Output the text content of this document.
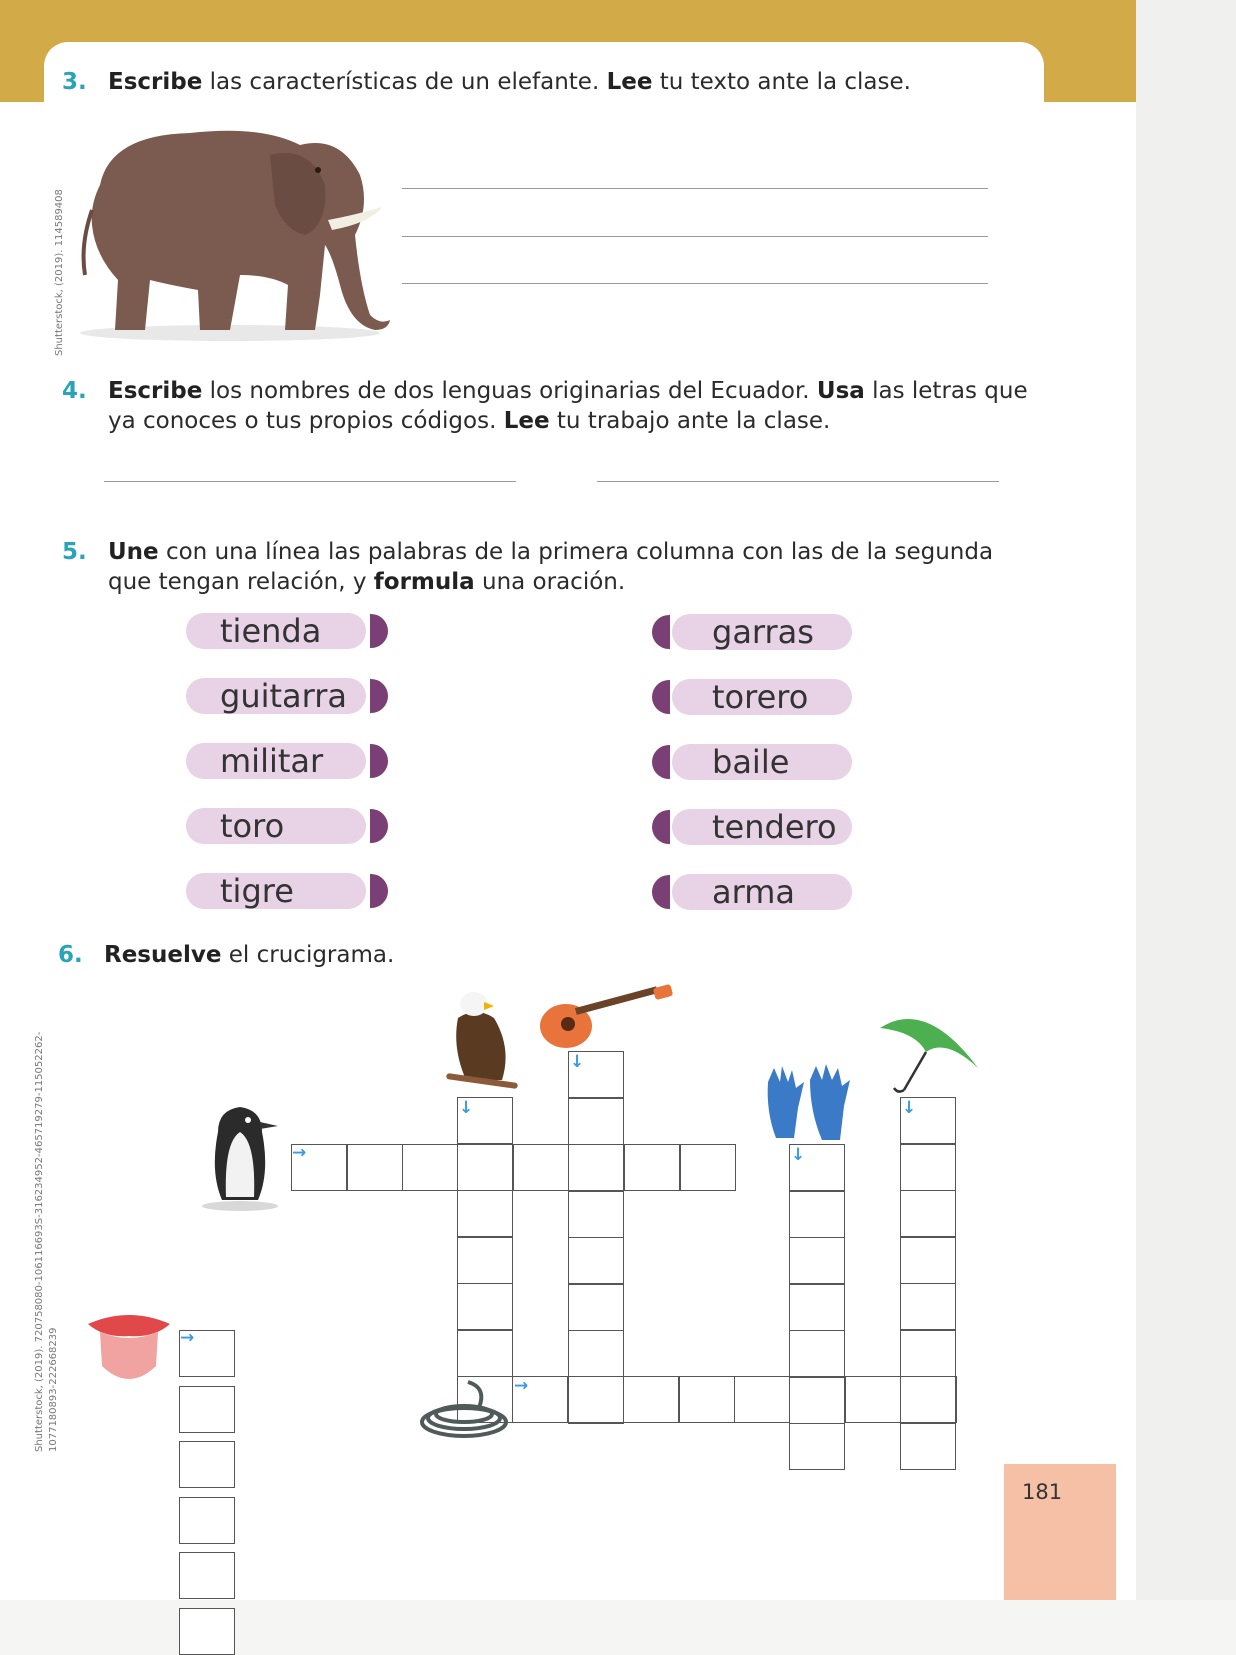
3. Escribe las características de un elefante. Lee tu texto ante la clase.
Shutterstock, (2019). 114589408
4. Escribe los nombres de dos lenguas originarias del Ecuador. Usa las letras que ya conoces o tus propios códigos. Lee tu trabajo ante la clase.
5. Une con una línea las palabras de la primera columna con las de la segunda que tengan relación, y formula una oración.
tienda
guitarra
militar
toro
tigre
garras
torero
baile
tendero
arma
6. Resuelve el crucigrama.
Shutterstock, (2019). 720758080-106116693S-316234952-465719279-115052262- 1077180893-222668239
→
↓
↓
→
→
↓
↓
181
